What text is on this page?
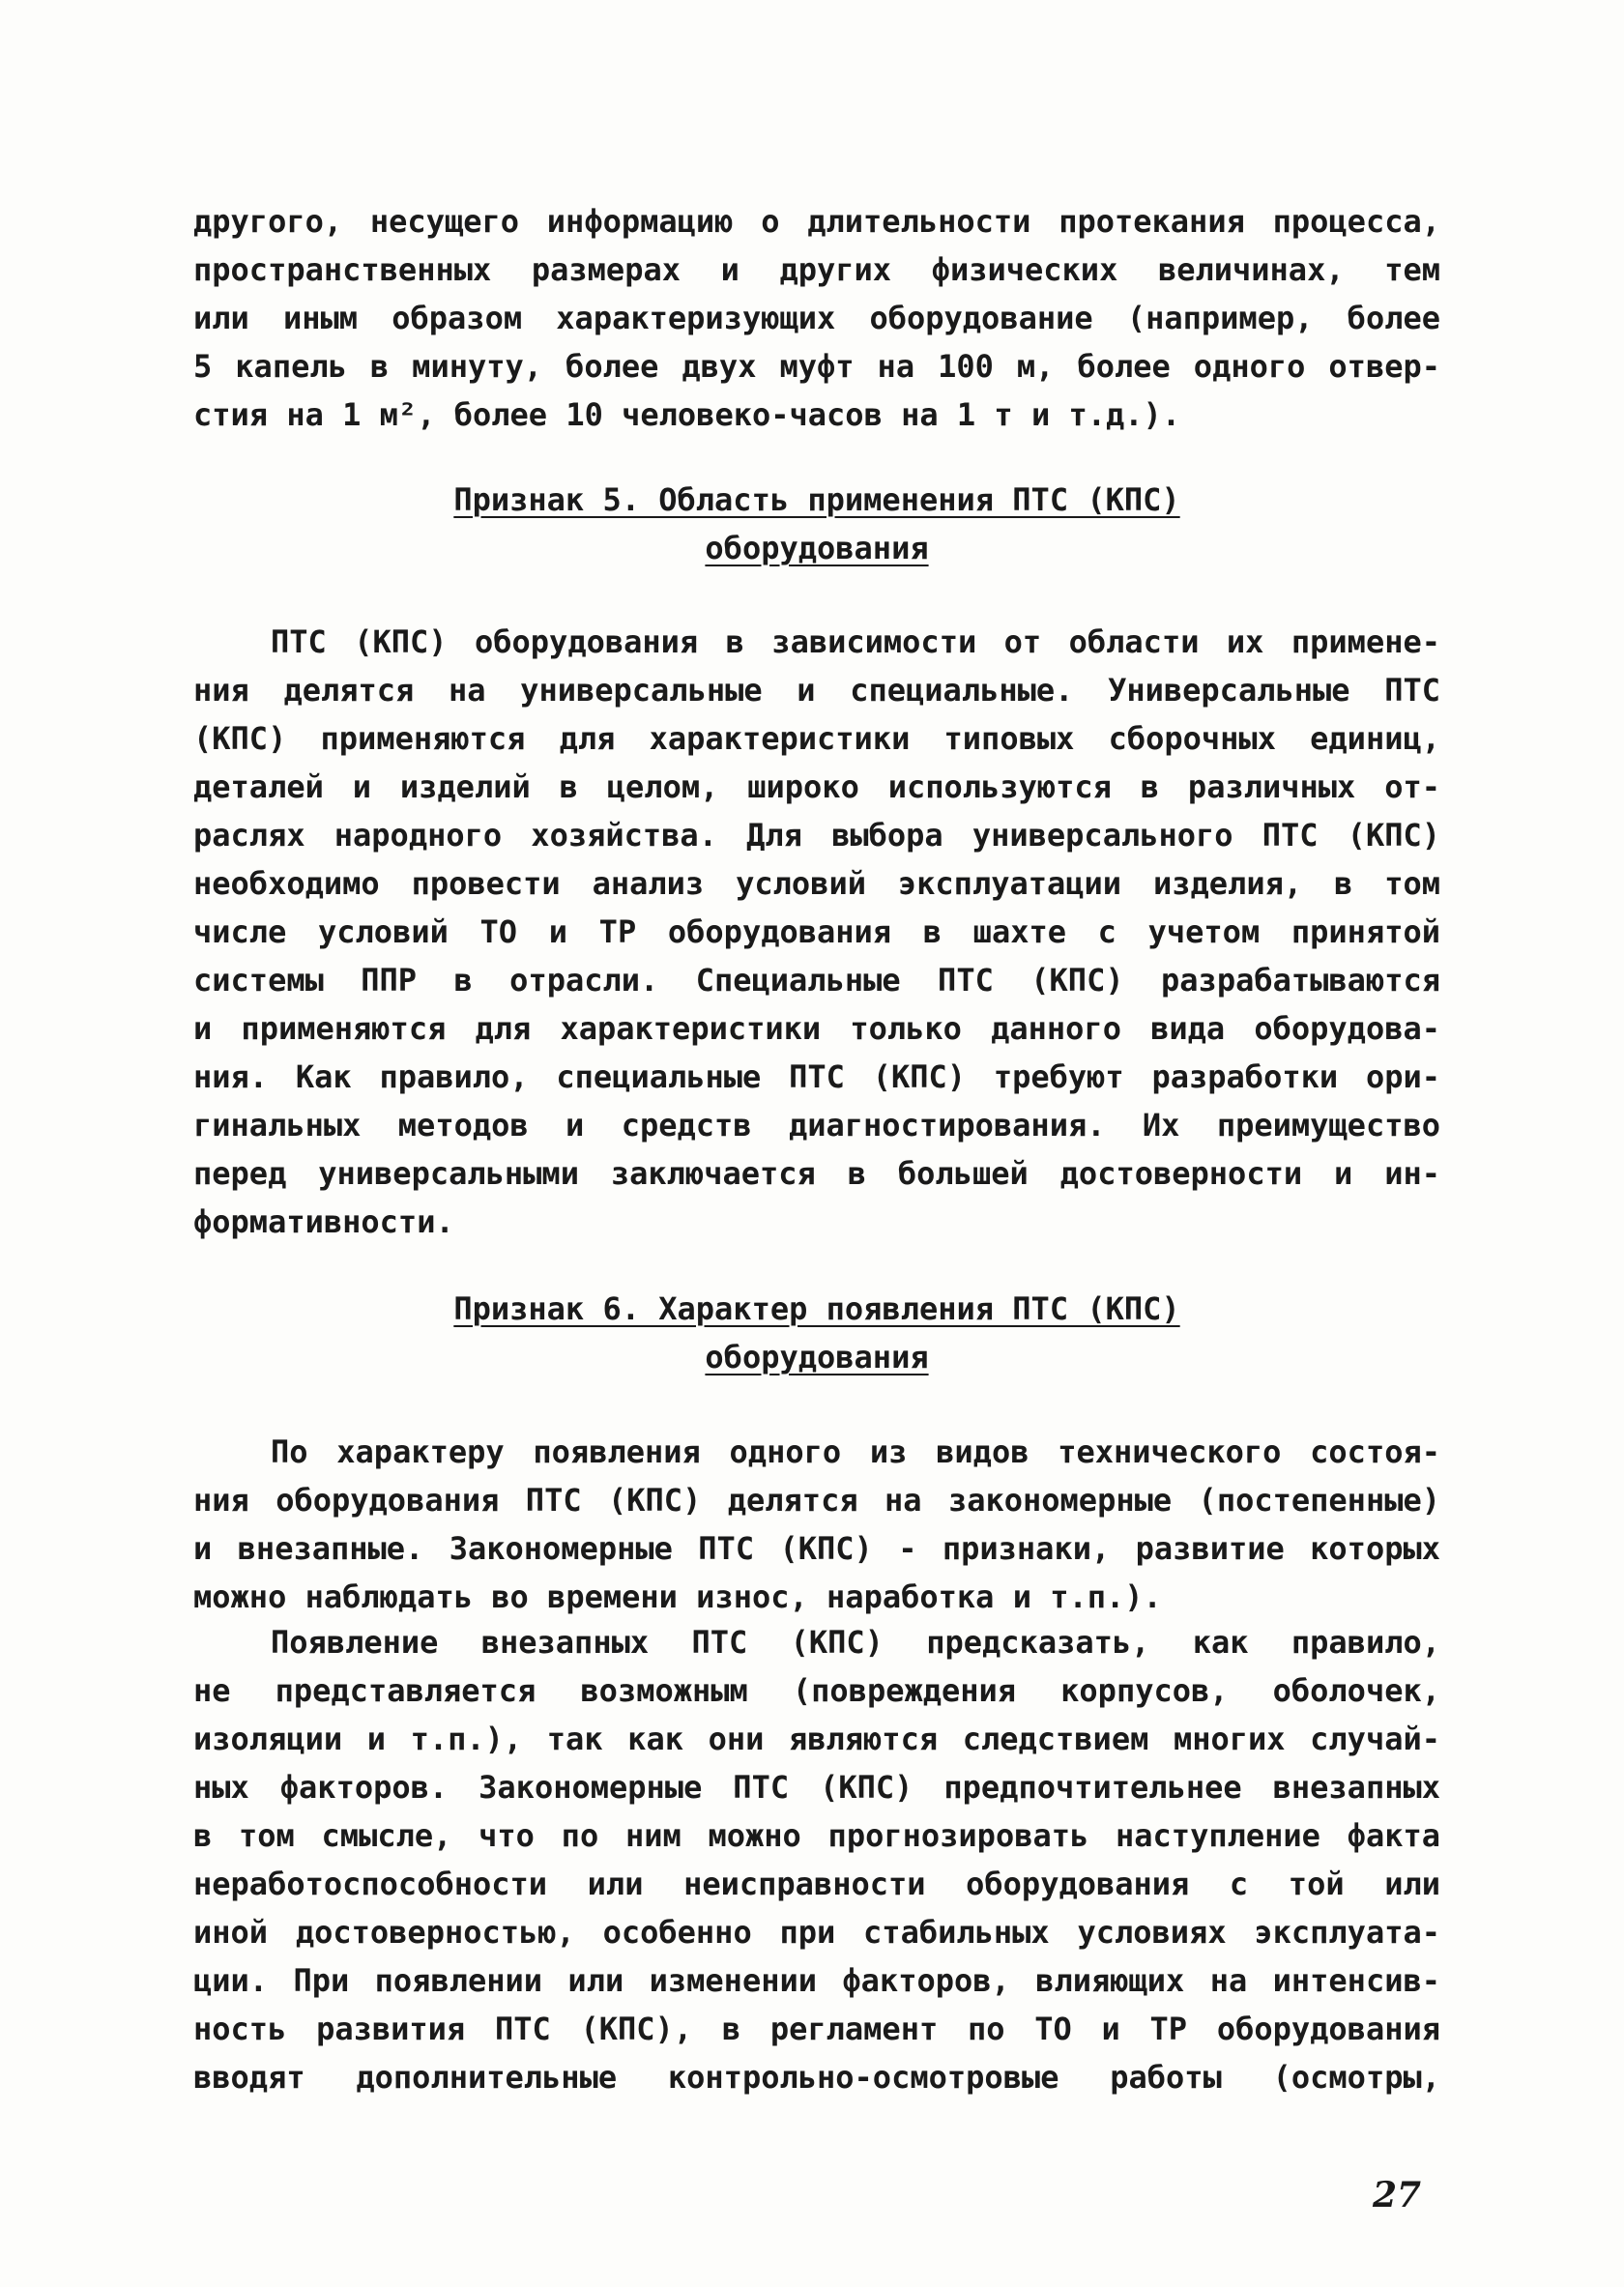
другого, несущего информацию о длительности протекания процесса,
пространственных размерах и других физических величинах, тем
или иным образом характеризующих оборудование (например, более
5 капель в минуту, более двух муфт на 100 м, более одного отвер-
стия на 1 м², более 10 человеко-часов на 1 т и т.д.).
Признак 5. Область применения ПТС (КПС)
оборудования
ПТС (КПС) оборудования в зависимости от области их примене-
ния делятся на универсальные и специальные. Универсальные ПТС
(КПС) применяются для характеристики типовых сборочных единиц,
деталей и изделий в целом, широко используются в различных от-
раслях народного хозяйства. Для выбора универсального ПТС (КПС)
необходимо провести анализ условий эксплуатации изделия, в том
числе условий ТО и ТР оборудования в шахте с учетом принятой
системы ППР в отрасли. Специальные ПТС (КПС) разрабатываются
и применяются для характеристики только данного вида оборудова-
ния. Как правило, специальные ПТС (КПС) требуют разработки ори-
гинальных методов и средств диагностирования. Их преимущество
перед универсальными заключается в большей достоверности и ин-
формативности.
Признак 6. Характер появления ПТС (КПС)
оборудования
По характеру появления одного из видов технического состоя-
ния оборудования ПТС (КПС) делятся на закономерные (постепенные)
и внезапные. Закономерные ПТС (КПС) - признаки, развитие которых
можно наблюдать во времени износ, наработка и т.п.).
Появление внезапных ПТС (КПС) предсказать, как правило,
не представляется возможным (повреждения корпусов, оболочек,
изоляции и т.п.), так как они являются следствием многих случай-
ных факторов. Закономерные ПТС (КПС) предпочтительнее внезапных
в том смысле, что по ним можно прогнозировать наступление факта
неработоспособности или неисправности оборудования с той или
иной достоверностью, особенно при стабильных условиях эксплуата-
ции. При появлении или изменении факторов, влияющих на интенсив-
ность развития ПТС (КПС), в регламент по ТО и ТР оборудования
вводят дополнительные контрольно-осмотровые работы (осмотры,
27
